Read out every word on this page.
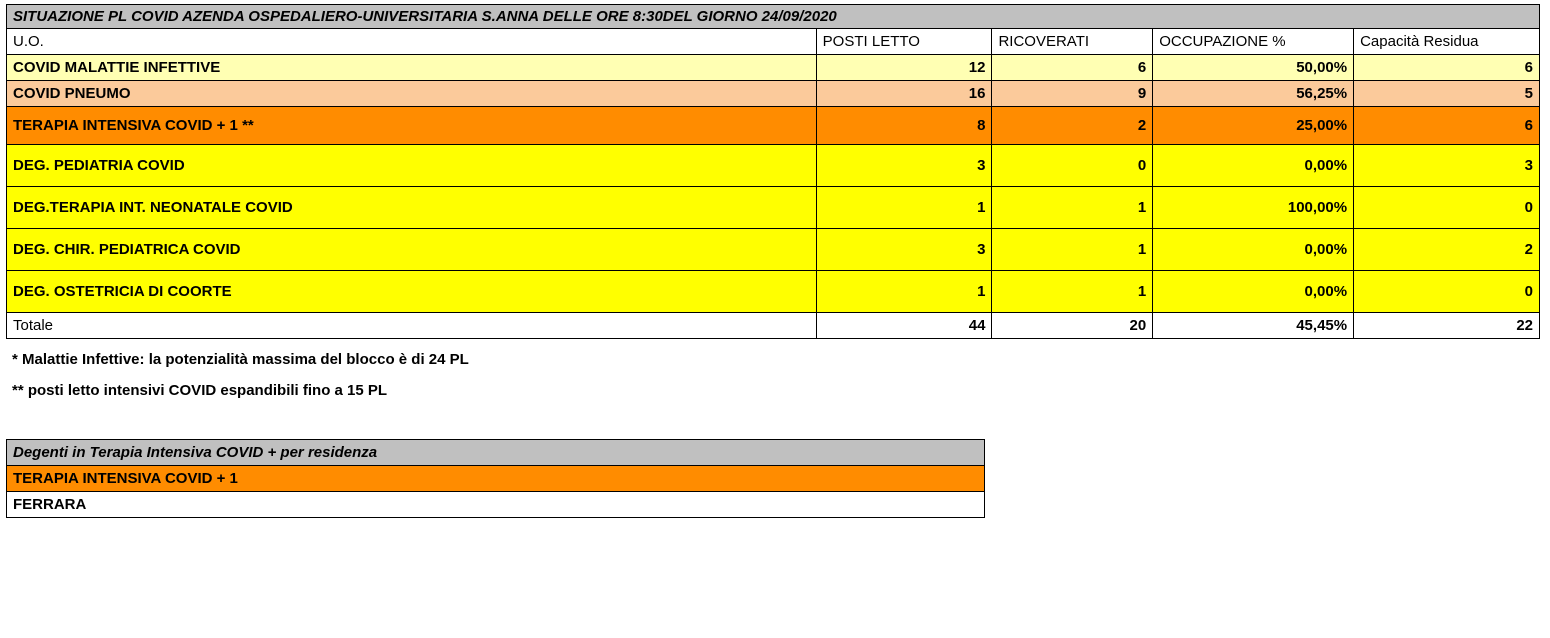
SITUAZIONE PL COVID AZENDA OSPEDALIERO-UNIVERSITARIA S.ANNA DELLE ORE 8:30DEL GIORNO 24/09/2020				
U.O.	POSTI LETTO	RICOVERATI	OCCUPAZIONE %	Capacità Residua
COVID MALATTIE INFETTIVE	12	6	50,00%	6
COVID PNEUMO	16	9	56,25%	5
TERAPIA INTENSIVA COVID + 1 **	8	2	25,00%	6
DEG. PEDIATRIA COVID	3	0	0,00%	3
DEG.TERAPIA INT. NEONATALE COVID	1	1	100,00%	0
DEG. CHIR. PEDIATRICA COVID	3	1	0,00%	2
DEG. OSTETRICIA DI COORTE	1	1	0,00%	0
Totale	44	20	45,45%	22
* Malattie Infettive: la potenzialità massima del blocco è di 24 PL
** posti letto intensivi COVID espandibili fino a 15 PL
Degenti in Terapia Intensiva COVID + per residenza
TERAPIA INTENSIVA COVID + 1
FERRARA
